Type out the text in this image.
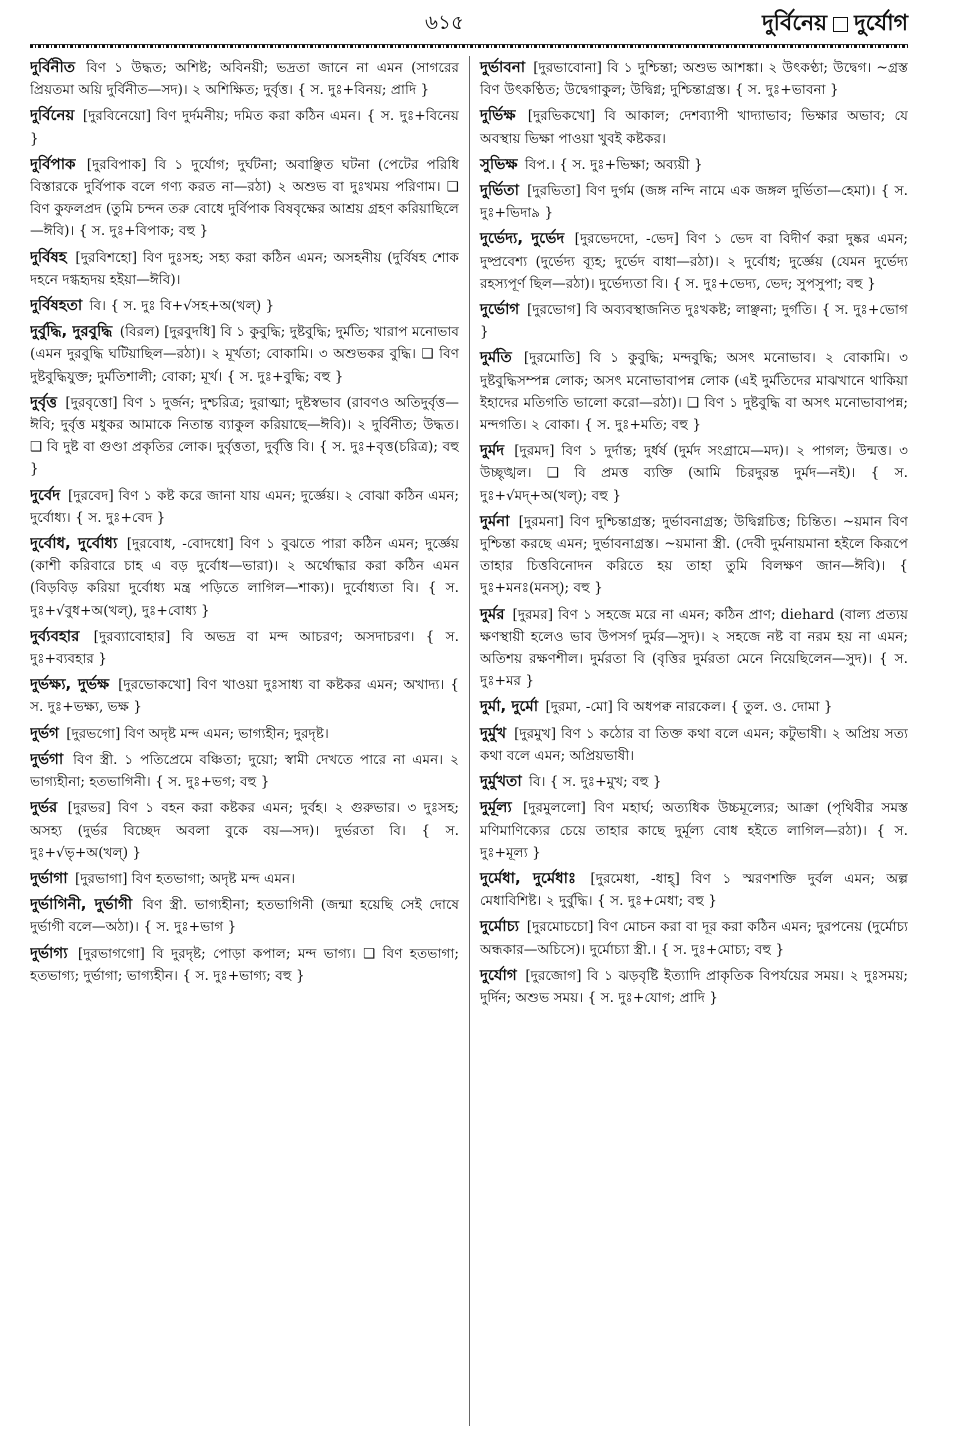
৬১৫	দুর্বিনেয় দুর্যোগ

দুর্বিনীত বিণ ১ উদ্ধত; অশিষ্ট; অবিনয়ী; ভদ্রতা জানে না এমন (সাগরের প্রিয়তমা অয়ি দুর্বিনীত—সদ)। ২ অশিক্ষিত; দুর্বৃত্ত। { স. দুঃ+বিনয়; প্রাদি }

দুর্বিনেয় [দুরবিনেয়ো] বিণ দুর্দমনীয়; দমিত করা কঠিন এমন। { স. দুঃ+বিনেয় }

দুর্বিপাক [দুরবিপাক] বি ১ দুর্যোগ; দুর্ঘটনা; অবাঞ্ছিত ঘটনা (পেটের পরিধি বিস্তারকে দুর্বিপাক বলে গণ্য করত না—রঠা) ২ অশুভ বা দুঃখময় পরিণাম। ❑ বিণ কুফলপ্রদ (তুমি চন্দন তরু বোধে দুর্বিপাক বিষবৃক্ষের আশ্রয় গ্রহণ করিয়াছিলে—ঈবি)। { স. দুঃ+বিপাক; বহু }

দুর্বিষহ [দুরবিশহো] বিণ দুঃসহ; সহ্য করা কঠিন এমন; অসহনীয় (দুর্বিষহ শোক দহনে দগ্ধহৃদয় হইয়া—ঈবি)।

দুর্বিষহতা বি। { স. দুঃ বি+√সহ+অ(খল্) }

দুর্বুদ্ধি, দুরবুদ্ধি (বিরল) [দুরবুদধি] বি ১ কুবুদ্ধি; দুষ্টবুদ্ধি; দুর্মতি; খারাপ মনোভাব (এমন দুরবুদ্ধি ঘটিয়াছিল—রঠা)। ২ মূর্খতা; বোকামি। ৩ অশুভকর বুদ্ধি। ❑ বিণ দুষ্টবুদ্ধিযুক্ত; দুর্মতিশালী; বোকা; মূর্খ। { স. দুঃ+বুদ্ধি; বহু }

দুর্বৃত্ত [দুরবৃত্তো] বিণ ১ দুর্জন; দুশ্চরিত্র; দুরাত্মা; দুষ্টস্বভাব (রাবণও অতিদুর্বৃত্ত—ঈবি; দুর্বৃত্ত মধুকর আমাকে নিতান্ত ব্যাকুল করিয়াছে—ঈবি)। ২ দুর্বিনীত; উদ্ধত। ❑ বি দুষ্ট বা গুণ্ডা প্রকৃতির লোক। দুর্বৃত্ততা, দুর্বৃত্তি বি। { স. দুঃ+বৃত্ত(চরিত্র); বহু }

দুর্বেদ [দুরবেদ] বিণ ১ কষ্ট করে জানা যায় এমন; দুর্জ্ঞেয়। ২ বোঝা কঠিন এমন; দুর্বোধ্য। { স. দুঃ+বেদ }

দুর্বোধ, দুর্বোধ্য [দুরবোধ, -বোদধো] বিণ ১ বুঝতে পারা কঠিন এমন; দুর্জ্ঞেয় (কাশী করিবারে চাহ এ বড় দুর্বোধ—ভারা)। ২ অর্থোদ্ধার করা কঠিন এমন (বিড়বিড় করিয়া দুর্বোধ্য মন্ত্র পড়িতে লাগিল—শাক্য)। দুর্বোধ্যতা বি। { স. দুঃ+√বুধ+অ(খল্), দুঃ+বোধ্য }

দুর্ব্যবহার [দুরব্যাবোহার] বি অভদ্র বা মন্দ আচরণ; অসদাচরণ। { স. দুঃ+ব্যবহার }

দুর্ভক্ষ্য, দুর্ভক্ষ [দুরভোকখো] বিণ খাওয়া দুঃসাধ্য বা কষ্টকর এমন; অখাদ্য। { স. দুঃ+ভক্ষ্য, ভক্ষ }

দুর্ভগ [দুরভগো] বিণ অদৃষ্ট মন্দ এমন; ভাগ্যহীন; দুরদৃষ্ট।

দুর্ভগা বিণ স্ত্রী. ১ পতিপ্রেমে বঞ্চিতা; দুয়ো; স্বামী দেখতে পারে না এমন। ২ ভাগ্যহীনা; হতভাগিনী। { স. দুঃ+ভগ; বহু }

দুর্ভর [দুরভর] বিণ ১ বহন করা কষ্টকর এমন; দুর্বহ। ২ গুরুভার। ৩ দুঃসহ; অসহ্য (দুর্ভর বিচ্ছেদ অবলা বুকে বয়—সদ)। দুর্ভরতা বি। { স. দুঃ+√ভৃ+অ(খল্) }

দুর্ভাগা [দুরভাগা] বিণ হতভাগা; অদৃষ্ট মন্দ এমন।

দুর্ভাগিনী, দুর্ভাগী বিণ স্ত্রী. ভাগ্যহীনা; হতভাগিনী (জন্মা হয়েছি সেই দোষে দুর্ভাগী বলে—অঠা)। { স. দুঃ+ভাগ }

দুর্ভাগ্য [দুরভাগগো] বি দুরদৃষ্ট; পোড়া কপাল; মন্দ ভাগ্য। ❑ বিণ হতভাগা; হতভাগ্য; দুর্ভাগা; ভাগ্যহীন। { স. দুঃ+ভাগ্য; বহু }

দুর্ভাবনা [দুরভাবোনা] বি ১ দুশ্চিন্তা; অশুভ আশঙ্কা। ২ উৎকণ্ঠা; উদ্বেগ। ~গ্রস্ত বিণ উৎকণ্ঠিত; উদ্বেগাকুল; উদ্বিগ্ন; দুশ্চিন্তাগ্রস্ত। { স. দুঃ+ভাবনা }

দুর্ভিক্ষ [দুরভিকখো] বি আকাল; দেশব্যাপী খাদ্যাভাব; ভিক্ষার অভাব; যে অবস্থায় ভিক্ষা পাওয়া খুবই কষ্টকর।

সুভিক্ষ বিপ.। { স. দুঃ+ভিক্ষা; অব্যয়ী }

দুর্ভিতা [দুরভিতা] বিণ দুর্গম (জঙ্গ নন্দি নামে এক জঙ্গল দুর্ভিতা—হেমা)। { স. দুঃ+ভিদা৯ }

দুর্ভেদ্য, দুর্ভেদ [দুরভেদদো, -ভেদ] বিণ ১ ভেদ বা বিদীর্ণ করা দুষ্কর এমন; দুষ্প্রবেশ্য (দুর্ভেদ্য ব্যূহ; দুর্ভেদ বাধা—রঠা)। ২ দুর্বোধ; দুর্জ্ঞেয় (যেমন দুর্ভেদ্য রহস্যপূর্ণ ছিল—রঠা)। দুর্ভেদ্যতা বি। { স. দুঃ+ভেদ্য, ভেদ; সুপসুপা; বহু }

দুর্ভোগ [দুরভোগ] বি অব্যবস্থাজনিত দুঃখকষ্ট; লাঞ্ছনা; দুর্গতি। { স. দুঃ+ভোগ }

দুর্মতি [দুরমোতি] বি ১ কুবুদ্ধি; মন্দবুদ্ধি; অসৎ মনোভাব। ২ বোকামি। ৩ দুষ্টবুদ্ধিসম্পন্ন লোক; অসৎ মনোভাবাপন্ন লোক (এই দুর্মতিদের মাঝখানে থাকিয়া ইহাদের মতিগতি ভালো করো—রঠা)। ❑ বিণ ১ দুষ্টবুদ্ধি বা অসৎ মনোভাবাপন্ন; মন্দগতি। ২ বোকা। { স. দুঃ+মতি; বহু }

দুর্মদ [দুরমদ] বিণ ১ দুর্দান্ত; দুর্ধর্ষ (দুর্মদ সংগ্রামে—মদ)। ২ পাগল; উন্মত্ত। ৩ উচ্ছৃঙ্খল। ❑ বি প্রমত্ত ব্যক্তি (আমি চিরদুরন্ত দুর্মদ—নই)। { স. দুঃ+√মদ্+অ(খল্); বহু }

দুর্মনা [দুরমনা] বিণ দুশ্চিন্তাগ্রস্ত; দুর্ভাবনাগ্রস্ত; উদ্বিগ্নচিত্ত; চিন্তিত। ~য়মান বিণ দুশ্চিন্তা করছে এমন; দুর্ভাবনাগ্রস্ত। ~য়মানা স্ত্রী. (দেবী দুর্মনায়মানা হইলে কিরূপে তাহার চিত্তবিনোদন করিতে হয় তাহা তুমি বিলক্ষণ জান—ঈবি)। { দুঃ+মনঃ(মনস্); বহু }

দুর্মর [দুরমর] বিণ ১ সহজে মরে না এমন; কঠিন প্রাণ; diehard (বাল্য প্রত্যয় ক্ষণস্থায়ী হলেও ভাব উপসর্গ দুর্মর—সুদ)। ২ সহজে নষ্ট বা নরম হয় না এমন; অতিশয় রক্ষণশীল। দুর্মরতা বি (বৃত্তির দুর্মরতা মেনে নিয়েছিলেন—সুদ)। { স. দুঃ+মর }

দুর্মা, দুর্মো [দুরমা, -মো] বি অধপক্ব নারকেল। { তুল. ও. দোমা }

দুর্মুখ [দুরমুখ] বিণ ১ কঠোর বা তিক্ত কথা বলে এমন; কটুভাষী। ২ অপ্রিয় সত্য কথা বলে এমন; অপ্রিয়ভাষী।

দুর্মুখতা বি। { স. দুঃ+মুখ; বহু }

দুর্মূল্য [দুরমুললো] বিণ মহার্ঘ; অত্যধিক উচ্চমূল্যের; আক্রা (পৃথিবীর সমস্ত মণিমাণিক্যের চেয়ে তাহার কাছে দুর্মূল্য বোধ হইতে লাগিল—রঠা)। { স. দুঃ+মূল্য }

দুর্মেধা, দুর্মেধাঃ [দুরমেধা, -ধাহ্] বিণ ১ স্মরণশক্তি দুর্বল এমন; অল্প মেধাবিশিষ্ট। ২ দুর্বুদ্ধি। { স. দুঃ+মেধা; বহু }

দুর্মোচ্য [দুরমোচচো] বিণ মোচন করা বা দূর করা কঠিন এমন; দুরপনেয় (দুর্মোচ্য অন্ধকার—অচিসে)। দুর্মোচ্যা স্ত্রী.। { স. দুঃ+মোচ্য; বহু }

দুর্যোগ [দুরজোগ] বি ১ ঝড়বৃষ্টি ইত্যাদি প্রাকৃতিক বিপর্যয়ের সময়। ২ দুঃসময়; দুর্দিন; অশুভ সময়। { স. দুঃ+যোগ; প্রাদি }
